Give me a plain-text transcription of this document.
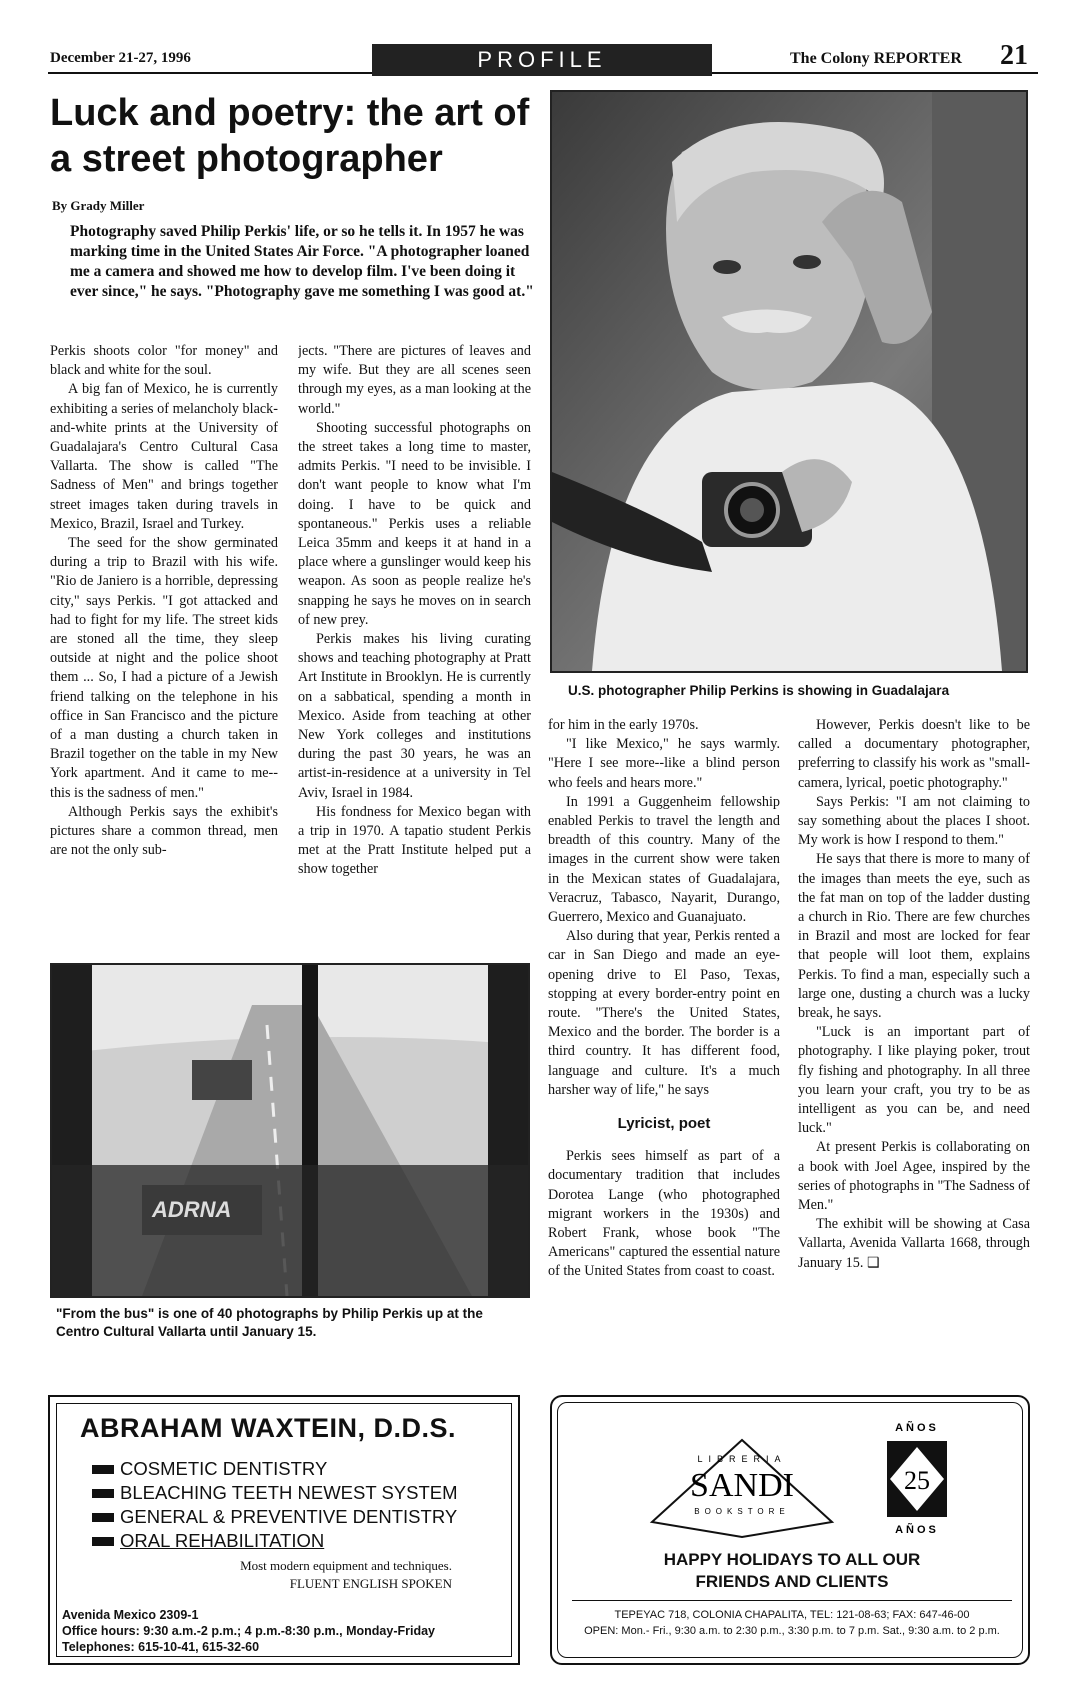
December 21-27, 1996	PROFILE	The Colony REPORTER 21
Luck and poetry: the art of a street photographer
By Grady Miller

Photography saved Philip Perkis' life, or so he tells it. In 1957 he was marking time in the United States Air Force. "A photographer loaned me a camera and showed me how to develop film. I've been doing it ever since," he says. "Photography gave me something I was good at."

Perkis shoots color "for money" and black and white for the soul.

A big fan of Mexico, he is currently exhibiting a series of melancholy black-and-white prints at the University of Guadalajara's Centro Cultural Casa Vallarta. The show is called "The Sadness of Men" and brings together street images taken during travels in Mexico, Brazil, Israel and Turkey.

The seed for the show germinated during a trip to Brazil with his wife. "Rio de Janiero is a horrible, depressing city," says Perkis. "I got attacked and had to fight for my life. The street kids are stoned all the time, they sleep outside at night and the police shoot them ... So, I had a picture of a Jewish friend talking on the telephone in his office in San Francisco and the picture of a man dusting a church taken in Brazil together on the table in my New York apartment. And it came to me--this is the sadness of men."

Although Perkis says the exhibit's pictures share a common thread, men are not the only sub-

jects. "There are pictures of leaves and my wife. But they are all scenes seen through my eyes, as a man looking at the world."

Shooting successful photographs on the street takes a long time to master, admits Perkis. "I need to be invisible. I don't want people to know what I'm doing. I have to be quick and spontaneous." Perkis uses a reliable Leica 35mm and keeps it at hand in a place where a gunslinger would keep his weapon. As soon as people realize he's snapping he says he moves on in search of new prey.

Perkis makes his living curating shows and teaching photography at Pratt Art Institute in Brooklyn. He is currently on a sabbatical, spending a month in Mexico. Aside from teaching at other New York colleges and institutions during the past 30 years, he was an artist-in-residence at a university in Tel Aviv, Israel in 1984.

His fondness for Mexico began with a trip in 1970. A tapatio student Perkis met at the Pratt Institute helped put a show together

for him in the early 1970s.

"I like Mexico," he says warmly. "Here I see more--like a blind person who feels and hears more."

In 1991 a Guggenheim fellowship enabled Perkis to travel the length and breadth of this country. Many of the images in the current show were taken in the Mexican states of Guadalajara, Veracruz, Tabasco, Nayarit, Durango, Guerrero, Mexico and Guanajuato.

Also during that year, Perkis rented a car in San Diego and made an eye-opening drive to El Paso, Texas, stopping at every border-entry point en route. "There's the United States, Mexico and the border. The border is a third country. It has different food, language and culture. It's a much harsher way of life," he says

Lyricist, poet

Perkis sees himself as part of a documentary tradition that includes Dorotea Lange (who photographed migrant workers in the 1930s) and Robert Frank, whose book "The Americans" captured the essential nature of the United States from coast to coast.

However, Perkis doesn't like to be called a documentary photographer, preferring to classify his work as "small-camera, lyrical, poetic photography."

Says Perkis: "I am not claiming to say something about the places I shoot. My work is how I respond to them."

He says that there is more to many of the images than meets the eye, such as the fat man on top of the ladder dusting a church in Rio. There are few churches in Brazil and most are locked for fear that people will loot them, explains Perkis. To find a man, especially such a large one, dusting a church was a lucky break, he says.

"Luck is an important part of photography. I like playing poker, trout fly fishing and photography. In all three you learn your craft, you try to be as intelligent as you can be, and need luck."

At present Perkis is collaborating on a book with Joel Agee, inspired by the series of photographs in "The Sadness of Men."

The exhibit will be showing at Casa Vallarta, Avenida Vallarta 1668, through January 15. ❑

U.S. photographer Philip Perkins is showing in Guadalajara
ADRNA
"From the bus" is one of 40 photographs by Philip Perkis up at the Centro Cultural Vallarta until January 15.
ABRAHAM WAXTEIN, D.D.S.
COSMETIC DENTISTRY
BLEACHING TEETH NEWEST SYSTEM
GENERAL & PREVENTIVE DENTISTRY
ORAL REHABILITATION
Most modern equipment and techniques.
FLUENT ENGLISH SPOKEN
Avenida Mexico 2309-1
Office hours: 9:30 a.m.-2 p.m.; 4 p.m.-8:30 p.m., Monday-Friday
Telephones: 615-10-41, 615-32-60
LIBRERIA
SANDI
BOOKSTORE
AÑOS
25
AÑOS
HAPPY HOLIDAYS TO ALL OUR
FRIENDS AND CLIENTS
TEPEYAC 718, COLONIA CHAPALITA, TEL: 121-08-63; FAX: 647-46-00
OPEN: Mon.- Fri., 9:30 a.m. to 2:30 p.m., 3:30 p.m. to 7 p.m. Sat., 9:30 a.m. to 2 p.m.
